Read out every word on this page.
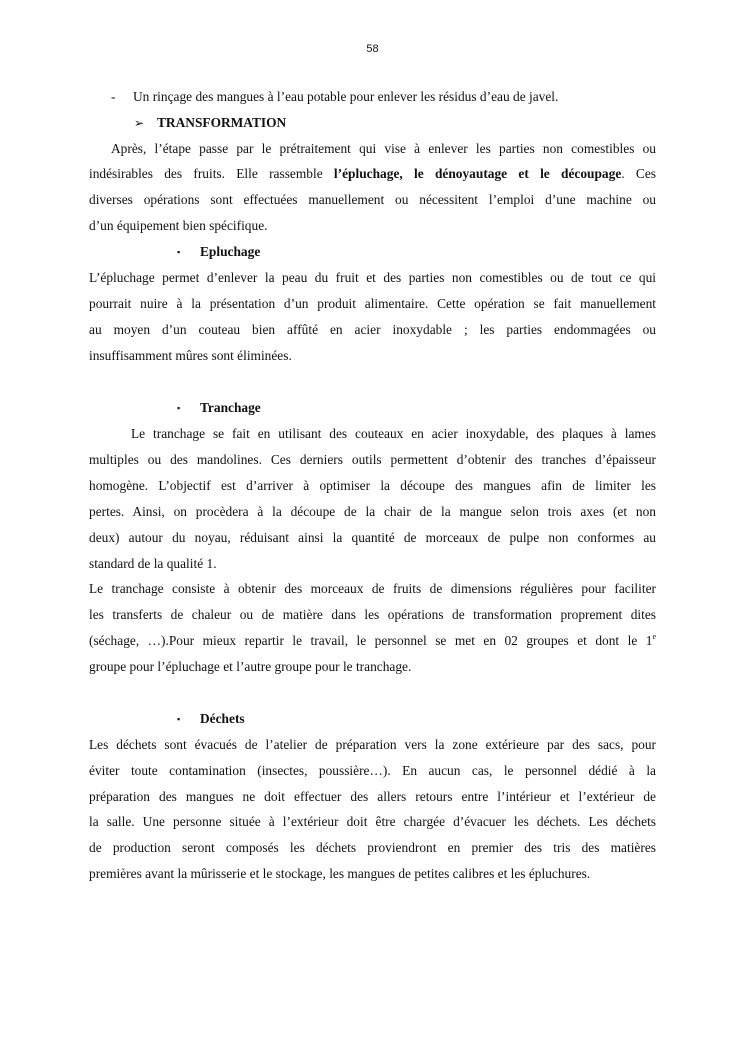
58
- Un rinçage des mangues à l’eau potable pour enlever les résidus d’eau de javel.
➢ TRANSFORMATION
Après, l’étape passe par le prétraitement qui vise à enlever les parties non comestibles ou
indésirables des fruits. Elle rassemble l’épluchage, le dénoyautage et le découpage. Ces
diverses opérations sont effectuées manuellement ou nécessitent l’emploi d’une machine ou
d’un équipement bien spécifique.
▪ Epluchage
L’épluchage permet d’enlever la peau du fruit et des parties non comestibles ou de tout ce qui
pourrait nuire à la présentation d’un produit alimentaire. Cette opération se fait manuellement
au moyen d’un couteau bien affûté en acier inoxydable ; les parties endommagées ou
insuffisamment mûres sont éliminées.
▪ Tranchage
Le tranchage se fait en utilisant des couteaux en acier inoxydable, des plaques à lames
multiples ou des mandolines. Ces derniers outils permettent d’obtenir des tranches d’épaisseur
homogène. L’objectif est d’arriver à optimiser la découpe des mangues afin de limiter les
pertes. Ainsi, on procèdera à la découpe de la chair de la mangue selon trois axes (et non
deux) autour du noyau, réduisant ainsi la quantité de morceaux de pulpe non conformes au
standard de la qualité 1.
Le tranchage consiste à obtenir des morceaux de fruits de dimensions régulières pour faciliter
les transferts de chaleur ou de matière dans les opérations de transformation proprement dites
(séchage, …).Pour mieux repartir le travail, le personnel se met en 02 groupes et dont le 1e
groupe pour l’épluchage et l’autre groupe pour le tranchage.
▪ Déchets
Les déchets sont évacués de l’atelier de préparation vers la zone extérieure par des sacs, pour
éviter toute contamination (insectes, poussière…). En aucun cas, le personnel dédié à la
préparation des mangues ne doit effectuer des allers retours entre l’intérieur et l’extérieur de
la salle. Une personne située à l’extérieur doit être chargée d’évacuer les déchets. Les déchets
de production seront composés les déchets proviendront en premier des tris des matières
premières avant la mûrisserie et le stockage, les mangues de petites calibres et les épluchures.
